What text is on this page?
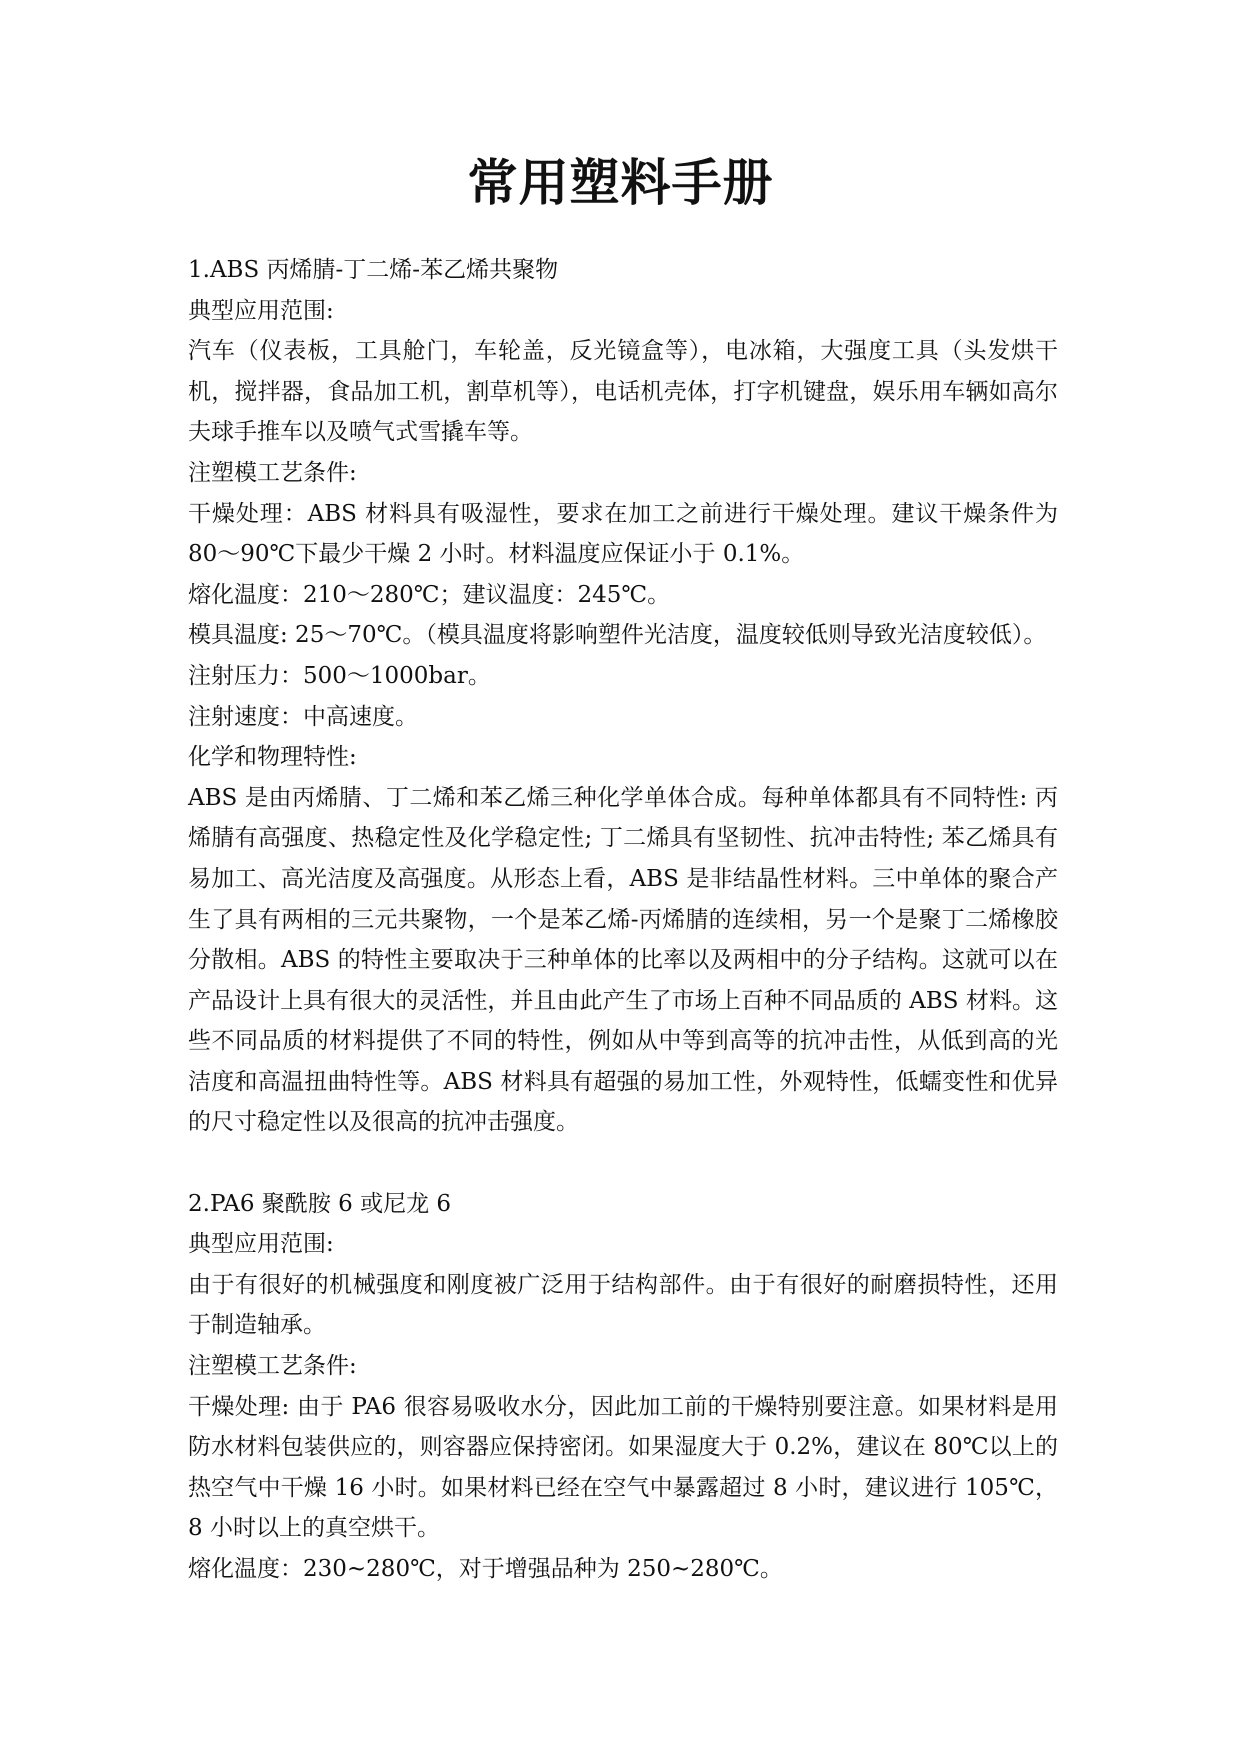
常用塑料手册

1.ABS 丙烯腈-丁二烯-苯乙烯共聚物

典型应用范围:

汽车（仪表板，工具舱门，车轮盖，反光镜盒等），电冰箱，大强度工具（头发烘干机，搅拌器，食品加工机，割草机等），电话机壳体，打字机键盘，娱乐用车辆如高尔夫球手推车以及喷气式雪撬车等。

注塑模工艺条件:

干燥处理：ABS 材料具有吸湿性，要求在加工之前进行干燥处理。建议干燥条件为 80～90℃下最少干燥 2 小时。材料温度应保证小于 0.1%。

熔化温度：210～280℃；建议温度：245℃。

模具温度: 25～70℃。（模具温度将影响塑件光洁度，温度较低则导致光洁度较低）。

注射压力：500～1000bar。

注射速度：中高速度。

化学和物理特性:

ABS 是由丙烯腈、丁二烯和苯乙烯三种化学单体合成。每种单体都具有不同特性: 丙烯腈有高强度、热稳定性及化学稳定性; 丁二烯具有坚韧性、抗冲击特性; 苯乙烯具有易加工、高光洁度及高强度。从形态上看，ABS 是非结晶性材料。三中单体的聚合产生了具有两相的三元共聚物，一个是苯乙烯-丙烯腈的连续相，另一个是聚丁二烯橡胶分散相。ABS 的特性主要取决于三种单体的比率以及两相中的分子结构。这就可以在产品设计上具有很大的灵活性，并且由此产生了市场上百种不同品质的 ABS 材料。这些不同品质的材料提供了不同的特性，例如从中等到高等的抗冲击性，从低到高的光洁度和高温扭曲特性等。ABS 材料具有超强的易加工性，外观特性，低蠕变性和优异的尺寸稳定性以及很高的抗冲击强度。

2.PA6 聚酰胺 6 或尼龙 6

典型应用范围:

由于有很好的机械强度和刚度被广泛用于结构部件。由于有很好的耐磨损特性，还用于制造轴承。

注塑模工艺条件:

干燥处理: 由于 PA6 很容易吸收水分，因此加工前的干燥特别要注意。如果材料是用防水材料包装供应的，则容器应保持密闭。如果湿度大于 0.2%，建议在 80℃以上的热空气中干燥 16 小时。如果材料已经在空气中暴露超过 8 小时，建议进行 105℃，8 小时以上的真空烘干。

熔化温度：230~280℃，对于增强品种为 250~280℃。
